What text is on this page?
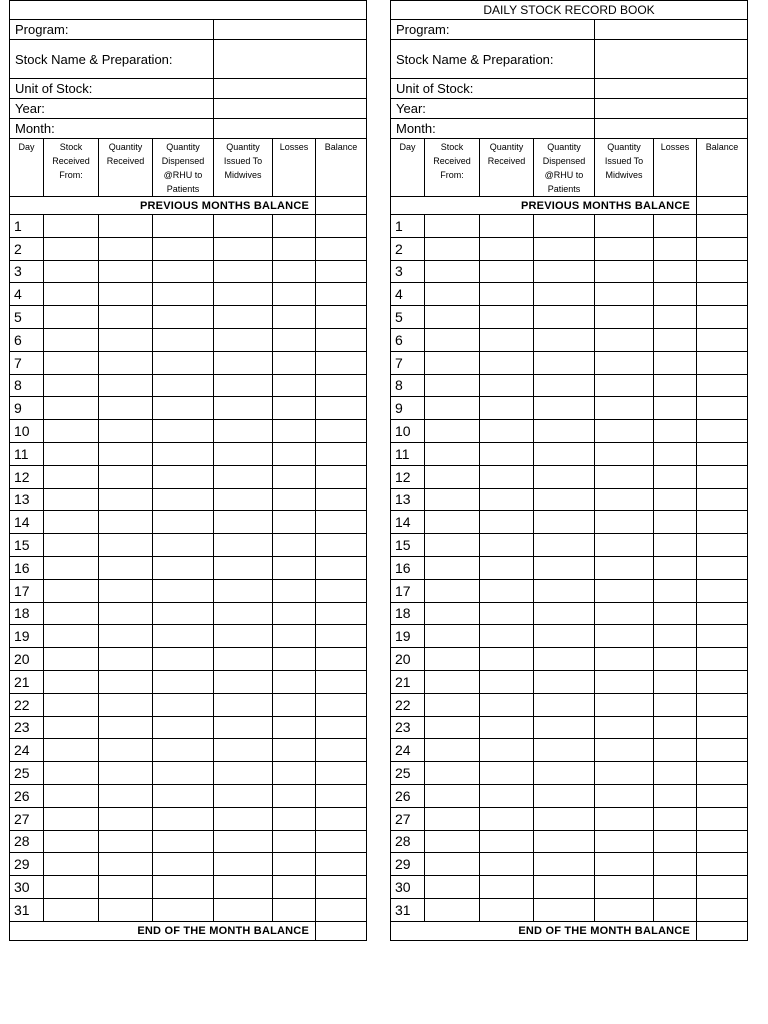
Program:						
Stock Name & Preparation:						
Unit of Stock:						
Year:						
Month:						
Day	Stock Received From:	Quantity Received	Quantity Dispensed @RHU to Patients	Quantity Issued To Midwives	Losses	Balance
PREVIOUS MONTHS BALANCE						
1						
2						
3						
4						
5						
6						
7						
8						
9						
10						
11						
12						
13						
14						
15						
16						
17						
18						
19						
20						
21						
22						
23						
24						
25						
26						
27						
28						
29						
30						
31						
END OF THE MONTH BALANCE						
DAILY STOCK RECORD BOOK						
Program:						
Stock Name & Preparation:						
Unit of Stock:						
Year:						
Month:						
Day	Stock Received From:	Quantity Received	Quantity Dispensed @RHU to Patients	Quantity Issued To Midwives	Losses	Balance
PREVIOUS MONTHS BALANCE						
1						
2						
3						
4						
5						
6						
7						
8						
9						
10						
11						
12						
13						
14						
15						
16						
17						
18						
19						
20						
21						
22						
23						
24						
25						
26						
27						
28						
29						
30						
31						
END OF THE MONTH BALANCE						
